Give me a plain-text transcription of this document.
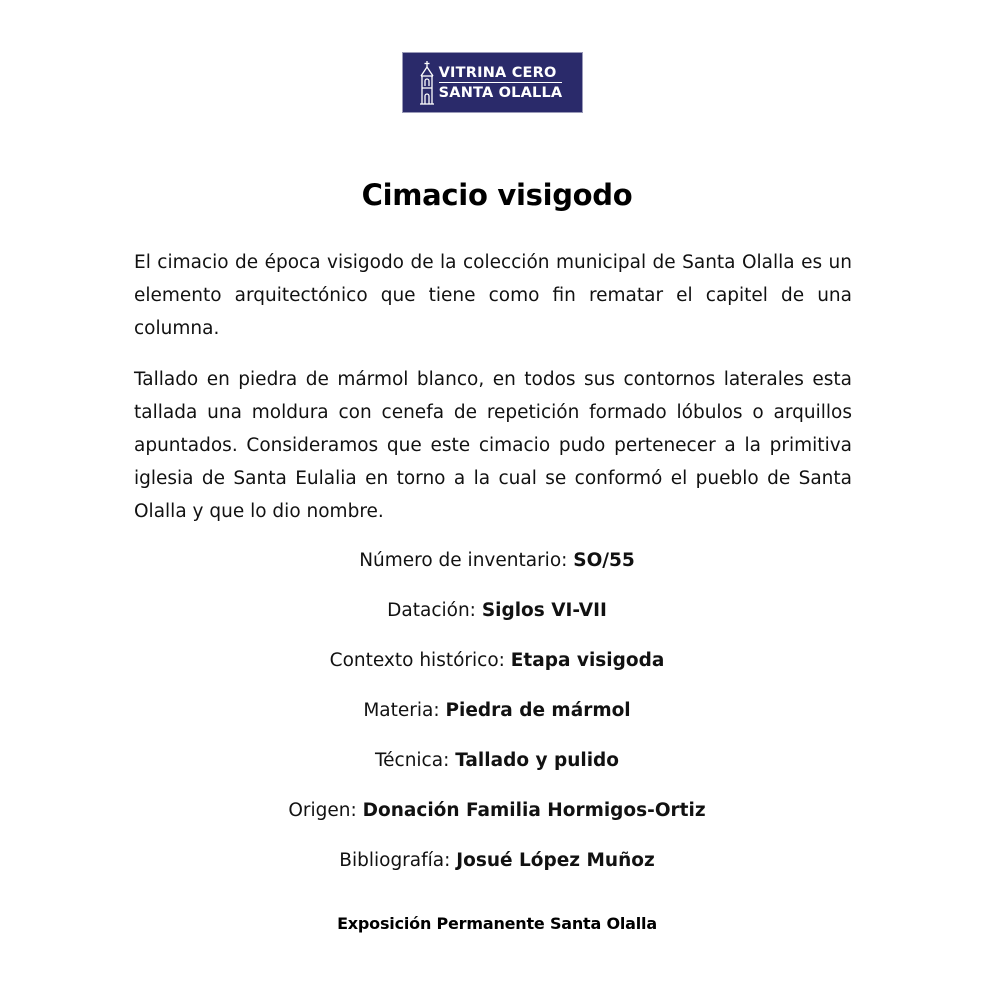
VITRINA CERO
SANTA OLALLA
Cimacio visigodo

El cimacio de época visigodo de la colección municipal de Santa Olalla es un elemento arquitectónico que tiene como fin rematar el capitel de una columna.

Tallado en piedra de mármol blanco, en todos sus contornos laterales esta tallada una moldura con cenefa de repetición formado lóbulos o arquillos apuntados. Consideramos que este cimacio pudo pertenecer a la primitiva iglesia de Santa Eulalia en torno a la cual se conformó el pueblo de Santa Olalla y que lo dio nombre.

Número de inventario: SO/55
Datación: Siglos VI-VII
Contexto histórico: Etapa visigoda
Materia: Piedra de mármol
Técnica: Tallado y pulido
Origen: Donación Familia Hormigos-Ortiz
Bibliografía: Josué López Muñoz

Exposición Permanente Santa Olalla
